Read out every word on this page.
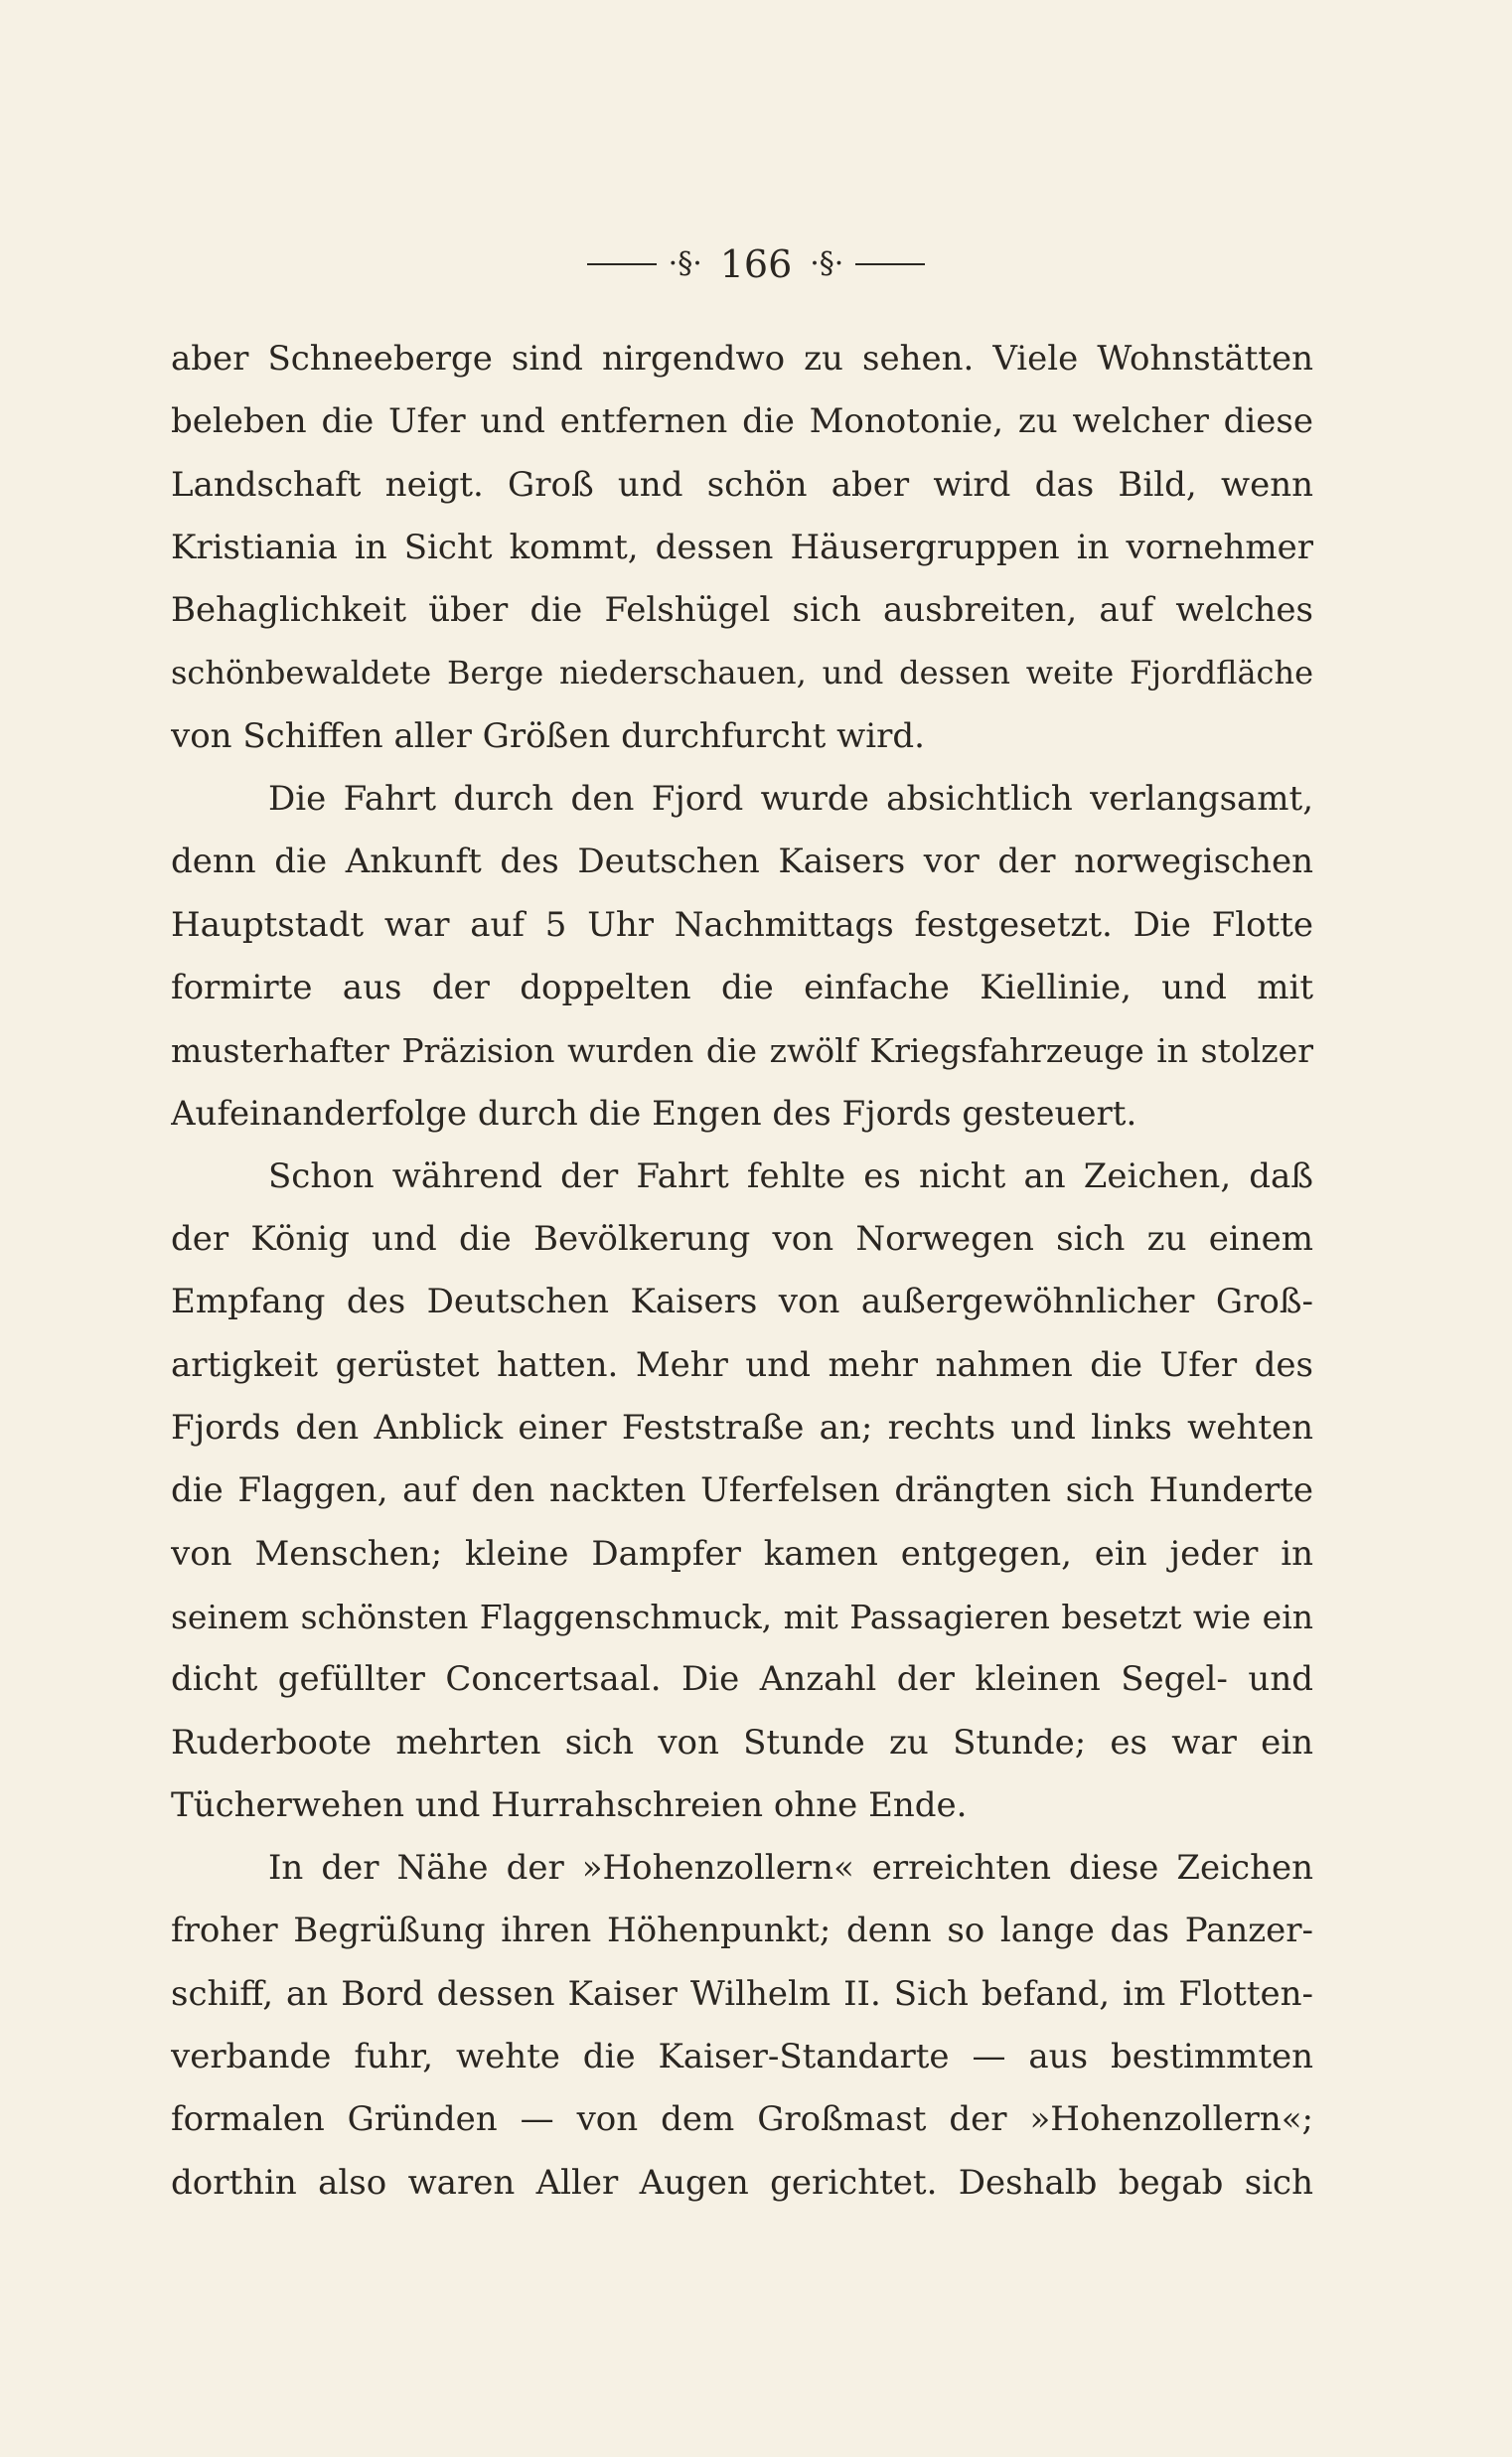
·§· 166 ·§·
aber Schneeberge sind nirgendwo zu sehen. Viele Wohnstätten
beleben die Ufer und entfernen die Monotonie, zu welcher diese
Landschaft neigt. Groß und schön aber wird das Bild, wenn
Kristiania in Sicht kommt, dessen Häusergruppen in vornehmer
Behaglichkeit über die Felshügel sich ausbreiten, auf welches
schönbewaldete Berge niederschauen, und dessen weite Fjordfläche
von Schiffen aller Größen durchfurcht wird.
Die Fahrt durch den Fjord wurde absichtlich verlangsamt,
denn die Ankunft des Deutschen Kaisers vor der norwegischen
Hauptstadt war auf 5 Uhr Nachmittags festgesetzt. Die Flotte
formirte aus der doppelten die einfache Kiellinie, und mit
musterhafter Präzision wurden die zwölf Kriegsfahrzeuge in stolzer
Aufeinanderfolge durch die Engen des Fjords gesteuert.
Schon während der Fahrt fehlte es nicht an Zeichen, daß
der König und die Bevölkerung von Norwegen sich zu einem
Empfang des Deutschen Kaisers von außergewöhnlicher Groß-
artigkeit gerüstet hatten. Mehr und mehr nahmen die Ufer des
Fjords den Anblick einer Feststraße an; rechts und links wehten
die Flaggen, auf den nackten Uferfelsen drängten sich Hunderte
von Menschen; kleine Dampfer kamen entgegen, ein jeder in
seinem schönsten Flaggenschmuck, mit Passagieren besetzt wie ein
dicht gefüllter Concertsaal. Die Anzahl der kleinen Segel- und
Ruderboote mehrten sich von Stunde zu Stunde; es war ein
Tücherwehen und Hurrahschreien ohne Ende.
In der Nähe der »Hohenzollern« erreichten diese Zeichen
froher Begrüßung ihren Höhenpunkt; denn so lange das Panzer-
schiff, an Bord dessen Kaiser Wilhelm II. Sich befand, im Flotten-
verbande fuhr, wehte die Kaiser-Standarte — aus bestimmten
formalen Gründen — von dem Großmast der »Hohenzollern«;
dorthin also waren Aller Augen gerichtet. Deshalb begab sich
